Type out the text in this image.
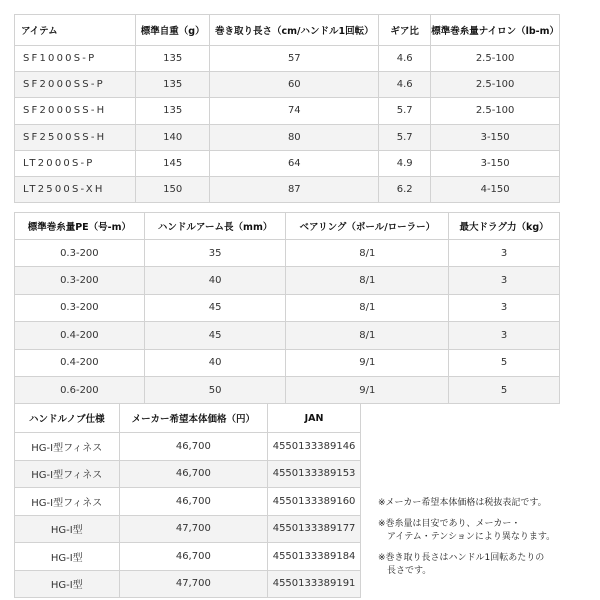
アイテム	標準自重（g）	巻き取り長さ（cm/ハンドル1回転）	ギア比	標準巻糸量ナイロン（lb-m）
SF1000S-P	135	57	4.6	2.5-100
SF2000SS-P	135	60	4.6	2.5-100
SF2000SS-H	135	74	5.7	2.5-100
SF2500SS-H	140	80	5.7	3-150
LT2000S-P	145	64	4.9	3-150
LT2500S-XH	150	87	6.2	4-150
標準巻糸量PE（号-m）	ハンドルアーム長（mm）	ベアリング（ボール/ローラー）	最大ドラグ力（kg）
0.3-200	35	8/1	3
0.3-200	40	8/1	3
0.3-200	45	8/1	3
0.4-200	45	8/1	3
0.4-200	40	9/1	5
0.6-200	50	9/1	5
ハンドルノブ仕様	メーカー希望本体価格（円）	JAN
HG-I型フィネス	46,700	4550133389146
HG-I型フィネス	46,700	4550133389153
HG-I型フィネス	46,700	4550133389160
HG-I型	47,700	4550133389177
HG-I型	46,700	4550133389184
HG-I型	47,700	4550133389191
※メーカー希望本体価格は税抜表記です。
※巻糸量は目安であり、メーカー・
　アイテム・テンションにより異なります。
※巻き取り長さはハンドル1回転あたりの
　長さです。
